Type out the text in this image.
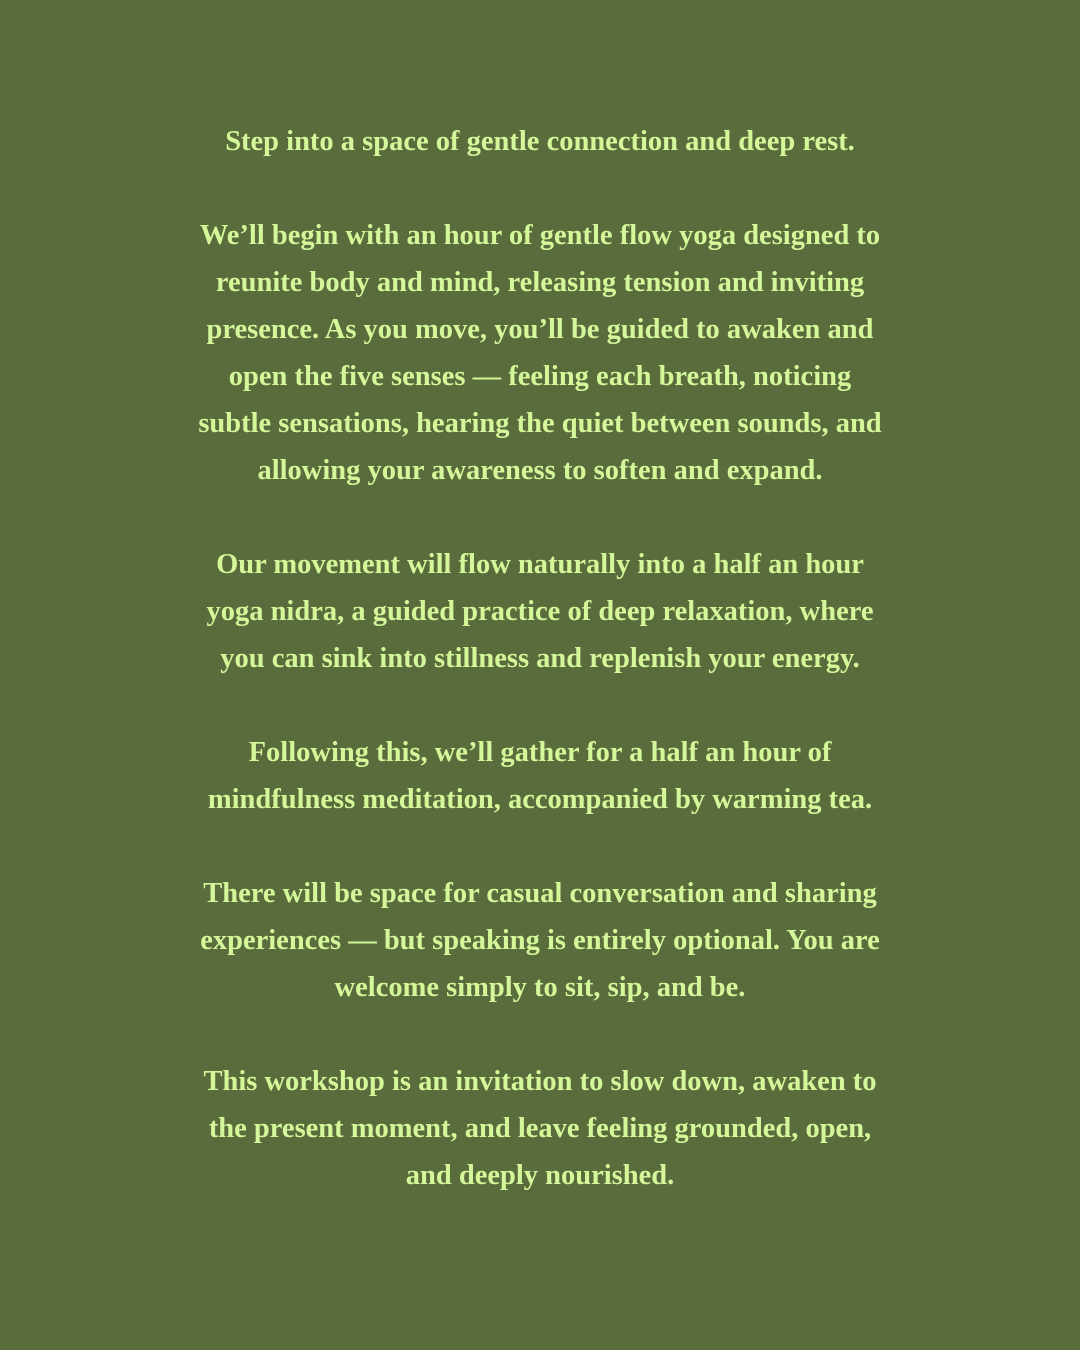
Step into a space of gentle connection and deep rest.

We’ll begin with an hour of gentle flow yoga designed to
reunite body and mind, releasing tension and inviting
presence. As you move, you’ll be guided to awaken and
open the five senses — feeling each breath, noticing
subtle sensations, hearing the quiet between sounds, and
allowing your awareness to soften and expand.

Our movement will flow naturally into a half an hour
yoga nidra, a guided practice of deep relaxation, where
you can sink into stillness and replenish your energy.

Following this, we’ll gather for a half an hour of
mindfulness meditation, accompanied by warming tea.

There will be space for casual conversation and sharing
experiences — but speaking is entirely optional. You are
welcome simply to sit, sip, and be.

This workshop is an invitation to slow down, awaken to
the present moment, and leave feeling grounded, open,
and deeply nourished.
